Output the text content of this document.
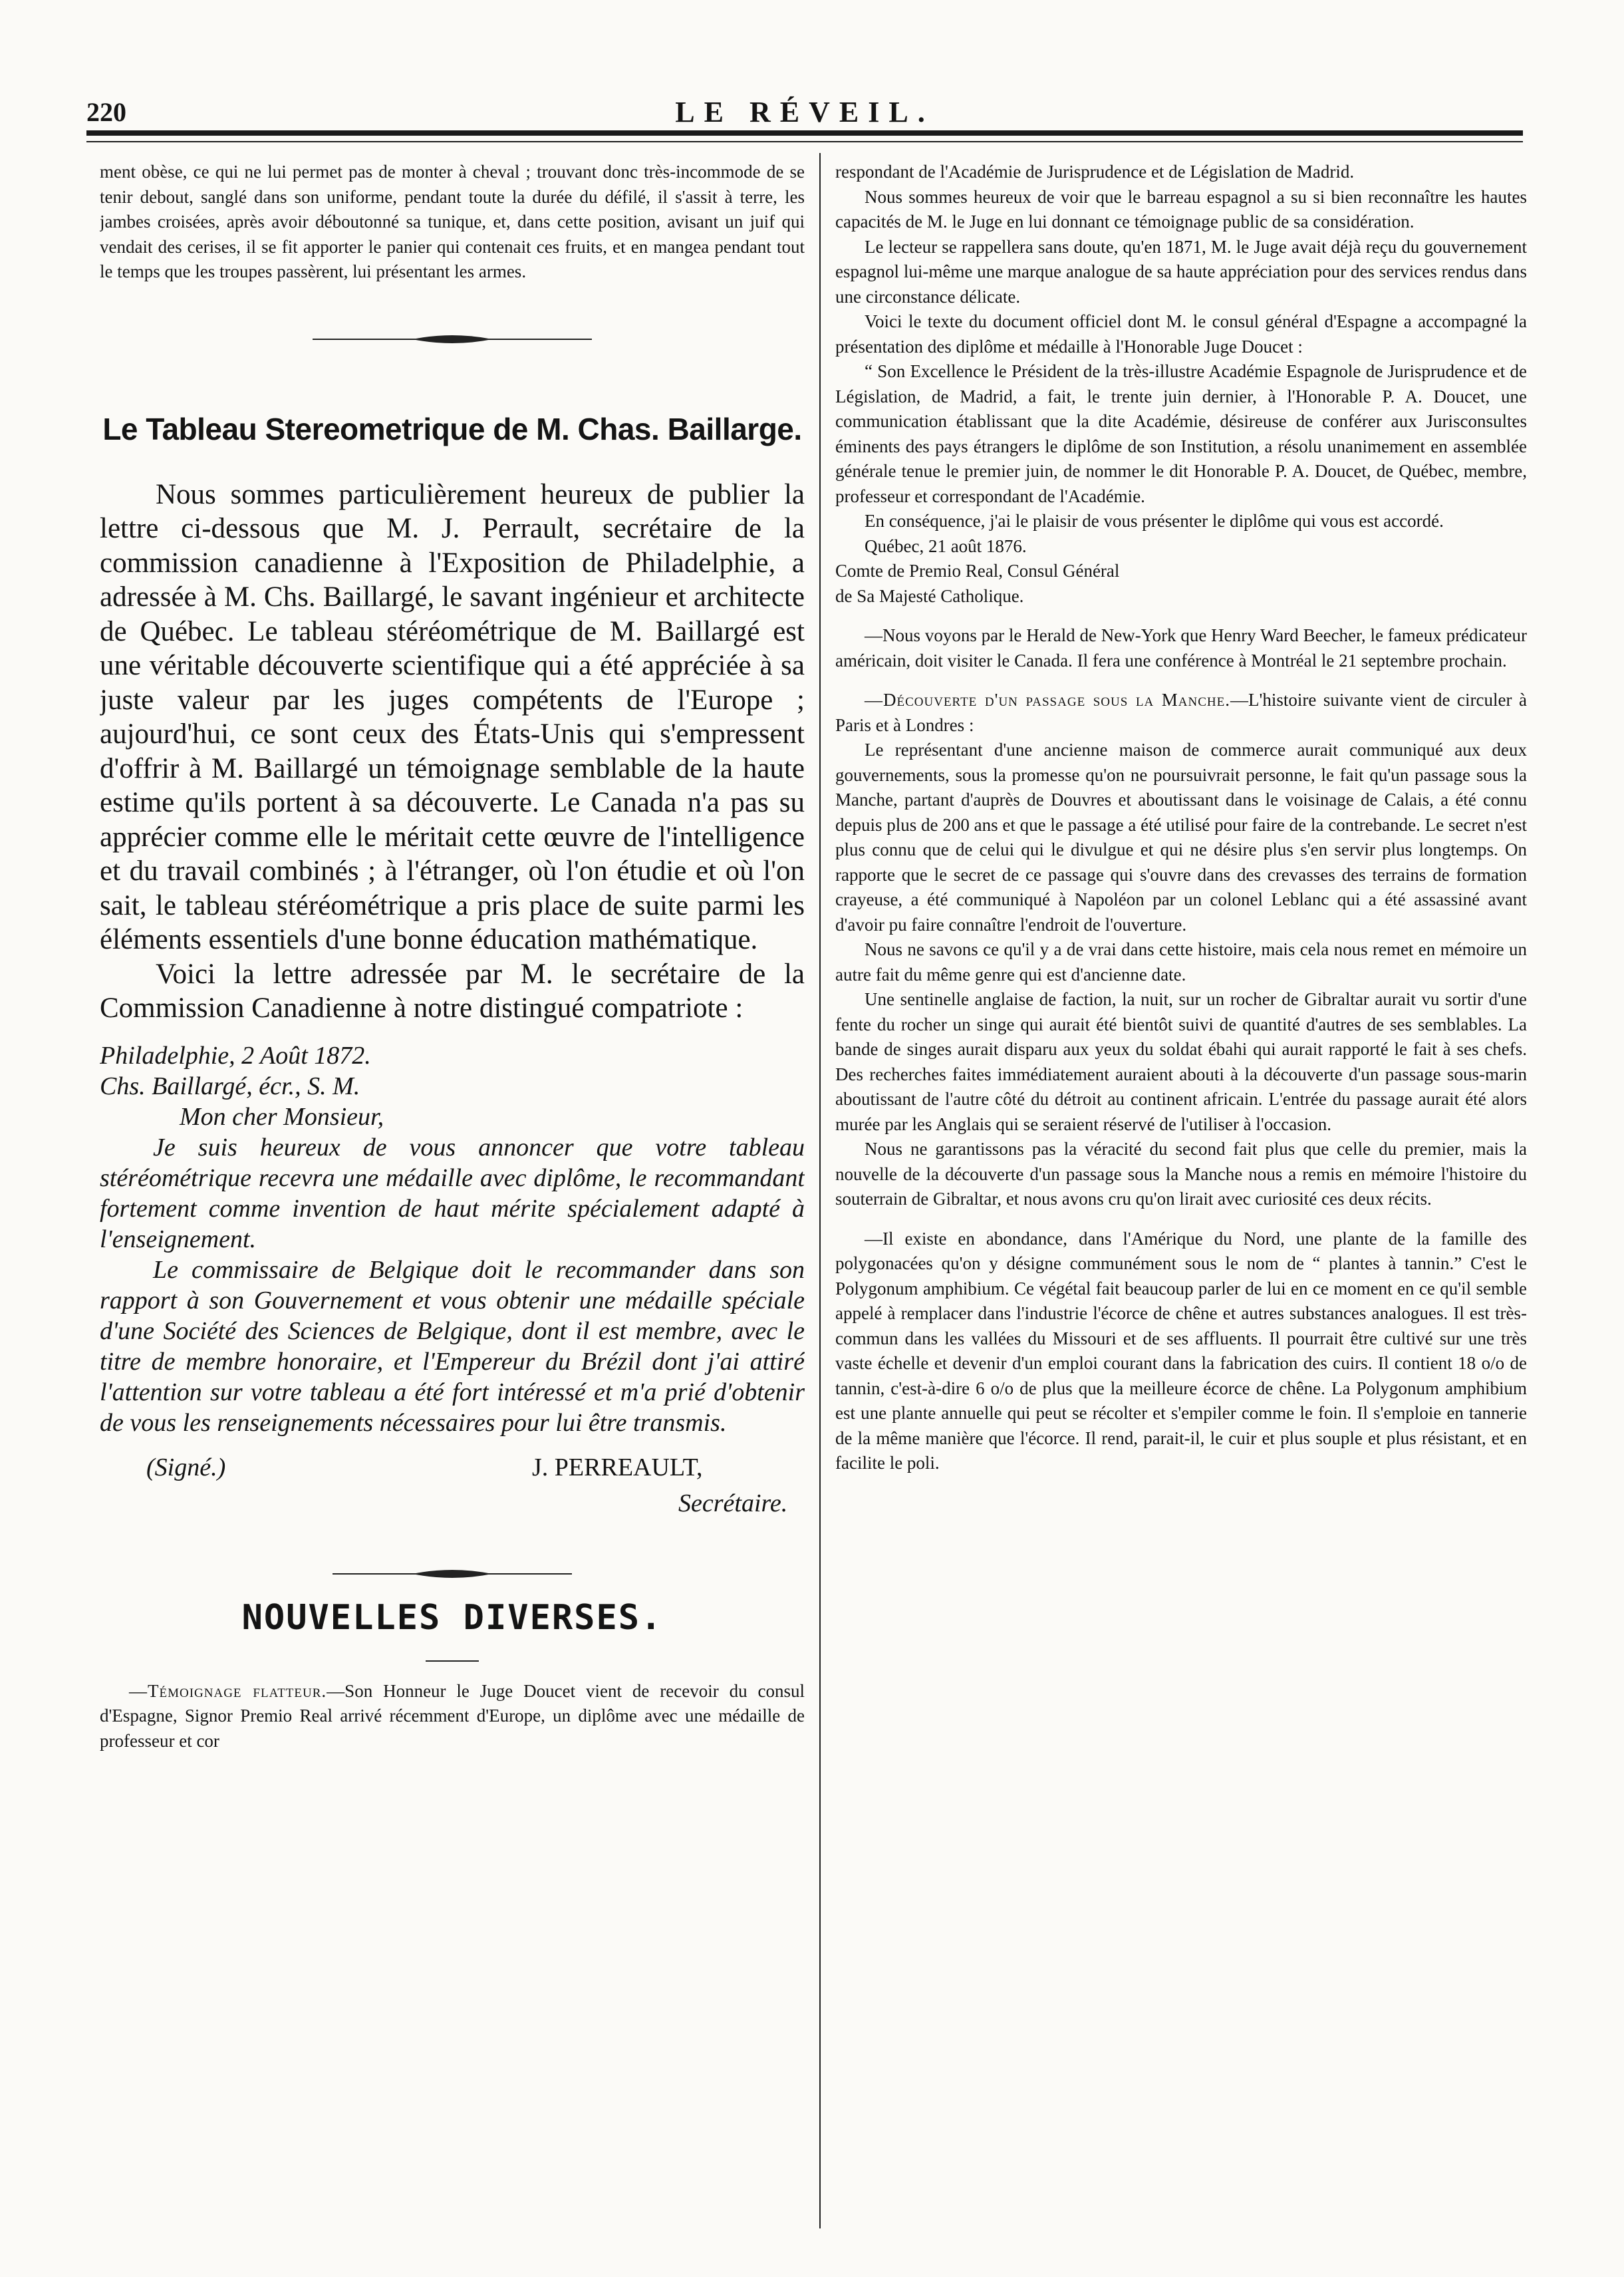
220	LE RÉVEIL.

ment obèse, ce qui ne lui permet pas de monter à cheval ; trouvant donc très-incommode de se tenir debout, sanglé dans son uniforme, pendant toute la durée du défilé, il s'assit à terre, les jambes croisées, après avoir déboutonné sa tunique, et, dans cette position, avisant un juif qui vendait des cerises, il se fit apporter le panier qui contenait ces fruits, et en mangea pendant tout le temps que les troupes passèrent, lui présentant les armes.

Le Tableau Stereometrique de M. Chas. Baillarge.

Nous sommes particulièrement heureux de publier la lettre ci-dessous que M. J. Perrault, secrétaire de la commission canadienne à l'Exposition de Philadelphie, a adressée à M. Chs. Baillargé, le savant ingénieur et architecte de Québec. Le tableau stéréométrique de M. Baillargé est une véritable découverte scientifique qui a été appréciée à sa juste valeur par les juges compétents de l'Europe ; aujourd'hui, ce sont ceux des États-Unis qui s'empressent d'offrir à M. Baillargé un témoignage semblable de la haute estime qu'ils portent à sa découverte. Le Canada n'a pas su apprécier comme elle le méritait cette œuvre de l'intelligence et du travail combinés ; à l'étranger, où l'on étudie et où l'on sait, le tableau stéréométrique a pris place de suite parmi les éléments essentiels d'une bonne éducation mathématique.

Voici la lettre adressée par M. le secrétaire de la Commission Canadienne à notre distingué compatriote :

Philadelphie, 2 Août 1872.

Chs. Baillargé, écr., S. M.

Mon cher Monsieur,

Je suis heureux de vous annoncer que votre tableau stéréométrique recevra une médaille avec diplôme, le recommandant fortement comme invention de haut mérite spécialement adapté à l'enseignement.

Le commissaire de Belgique doit le recommander dans son rapport à son Gouvernement et vous obtenir une médaille spéciale d'une Société des Sciences de Belgique, dont il est membre, avec le titre de membre honoraire, et l'Empereur du Brézil dont j'ai attiré l'attention sur votre tableau a été fort intéressé et m'a prié d'obtenir de vous les renseignements nécessaires pour lui être transmis.

(Signé.)	J. PERREAULT,
Secrétaire.
NOUVELLES DIVERSES.

—Témoignage flatteur.—Son Honneur le Juge Doucet vient de recevoir du consul d'Espagne, Signor Premio Real arrivé récemment d'Europe, un diplôme avec une médaille de professeur et cor

respondant de l'Académie de Jurisprudence et de Législation de Madrid.

Nous sommes heureux de voir que le barreau espagnol a su si bien reconnaître les hautes capacités de M. le Juge en lui donnant ce témoignage public de sa considération.

Le lecteur se rappellera sans doute, qu'en 1871, M. le Juge avait déjà reçu du gouvernement espagnol lui-même une marque analogue de sa haute appréciation pour des services rendus dans une circonstance délicate.

Voici le texte du document officiel dont M. le consul général d'Espagne a accompagné la présentation des diplôme et médaille à l'Honorable Juge Doucet :

“ Son Excellence le Président de la très-illustre Académie Espagnole de Jurisprudence et de Législation, de Madrid, a fait, le trente juin dernier, à l'Honorable P. A. Doucet, une communication établissant que la dite Académie, désireuse de conférer aux Jurisconsultes éminents des pays étrangers le diplôme de son Institution, a résolu unanimement en assemblée générale tenue le premier juin, de nommer le dit Honorable P. A. Doucet, de Québec, membre, professeur et correspondant de l'Académie.

En conséquence, j'ai le plaisir de vous présenter le diplôme qui vous est accordé.

Québec, 21 août 1876.

Comte de Premio Real, Consul Général

de Sa Majesté Catholique.

—Nous voyons par le Herald de New-York que Henry Ward Beecher, le fameux prédicateur américain, doit visiter le Canada. Il fera une conférence à Montréal le 21 septembre prochain.

—Découverte d'un passage sous la Manche.—L'histoire suivante vient de circuler à Paris et à Londres :

Le représentant d'une ancienne maison de commerce aurait communiqué aux deux gouvernements, sous la promesse qu'on ne poursuivrait personne, le fait qu'un passage sous la Manche, partant d'auprès de Douvres et aboutissant dans le voisinage de Calais, a été connu depuis plus de 200 ans et que le passage a été utilisé pour faire de la contrebande. Le secret n'est plus connu que de celui qui le divulgue et qui ne désire plus s'en servir plus longtemps. On rapporte que le secret de ce passage qui s'ouvre dans des crevasses des terrains de formation crayeuse, a été communiqué à Napoléon par un colonel Leblanc qui a été assassiné avant d'avoir pu faire connaître l'endroit de l'ouverture.

Nous ne savons ce qu'il y a de vrai dans cette histoire, mais cela nous remet en mémoire un autre fait du même genre qui est d'ancienne date.

Une sentinelle anglaise de faction, la nuit, sur un rocher de Gibraltar aurait vu sortir d'une fente du rocher un singe qui aurait été bientôt suivi de quantité d'autres de ses semblables. La bande de singes aurait disparu aux yeux du soldat ébahi qui aurait rapporté le fait à ses chefs. Des recherches faites immédiatement auraient abouti à la découverte d'un passage sous-marin aboutissant de l'autre côté du détroit au continent africain. L'entrée du passage aurait été alors murée par les Anglais qui se seraient réservé de l'utiliser à l'occasion.

Nous ne garantissons pas la véracité du second fait plus que celle du premier, mais la nouvelle de la découverte d'un passage sous la Manche nous a remis en mémoire l'histoire du souterrain de Gibraltar, et nous avons cru qu'on lirait avec curiosité ces deux récits.

—Il existe en abondance, dans l'Amérique du Nord, une plante de la famille des polygonacées qu'on y désigne communément sous le nom de “ plantes à tannin.” C'est le Polygonum amphibium. Ce végétal fait beaucoup parler de lui en ce moment en ce qu'il semble appelé à remplacer dans l'industrie l'écorce de chêne et autres substances analogues. Il est très-commun dans les vallées du Missouri et de ses affluents. Il pourrait être cultivé sur une très vaste échelle et devenir d'un emploi courant dans la fabrication des cuirs. Il contient 18 o/o de tannin, c'est-à-dire 6 o/o de plus que la meilleure écorce de chêne. La Polygonum amphibium est une plante annuelle qui peut se récolter et s'empiler comme le foin. Il s'emploie en tannerie de la même manière que l'écorce. Il rend, parait-il, le cuir et plus souple et plus résistant, et en facilite le poli.
